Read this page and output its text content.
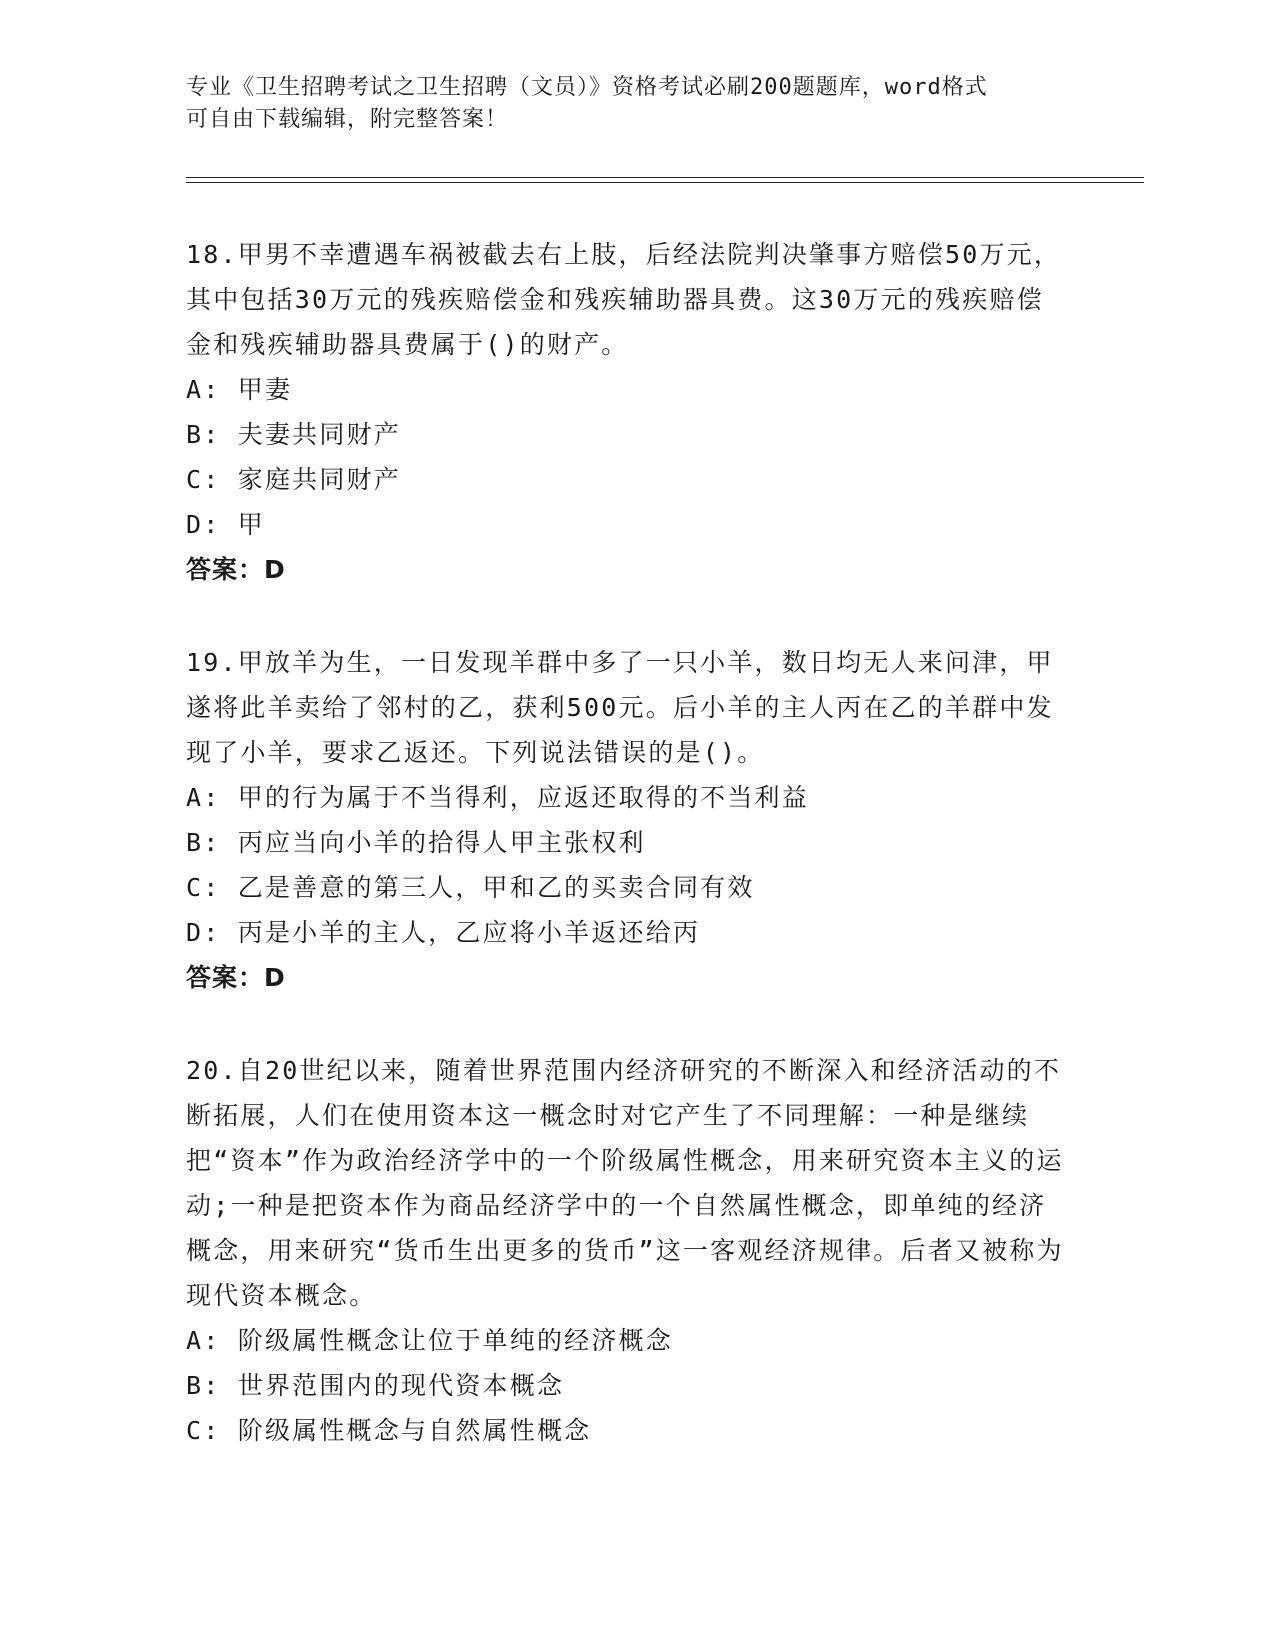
专业《卫生招聘考试之卫生招聘（文员）》资格考试必刷200题题库，word格式
可自由下载编辑，附完整答案！

18.甲男不幸遭遇车祸被截去右上肢，后经法院判决肇事方赔偿50万元，其中包括30万元的残疾赔偿金和残疾辅助器具费。这30万元的残疾赔偿金和残疾辅助器具费属于()的财产。

A: 甲妻

B: 夫妻共同财产

C: 家庭共同财产

D: 甲

答案：D

19.甲放羊为生，一日发现羊群中多了一只小羊，数日均无人来问津，甲遂将此羊卖给了邻村的乙，获利500元。后小羊的主人丙在乙的羊群中发现了小羊，要求乙返还。下列说法错误的是()。

A: 甲的行为属于不当得利，应返还取得的不当利益

B: 丙应当向小羊的拾得人甲主张权利

C: 乙是善意的第三人，甲和乙的买卖合同有效

D: 丙是小羊的主人，乙应将小羊返还给丙

答案：D

20.自20世纪以来，随着世界范围内经济研究的不断深入和经济活动的不断拓展，人们在使用资本这一概念时对它产生了不同理解：一种是继续把“资本”作为政治经济学中的一个阶级属性概念，用来研究资本主义的运动;一种是把资本作为商品经济学中的一个自然属性概念，即单纯的经济概念，用来研究“货币生出更多的货币”这一客观经济规律。后者又被称为现代资本概念。

A: 阶级属性概念让位于单纯的经济概念

B: 世界范围内的现代资本概念

C: 阶级属性概念与自然属性概念
